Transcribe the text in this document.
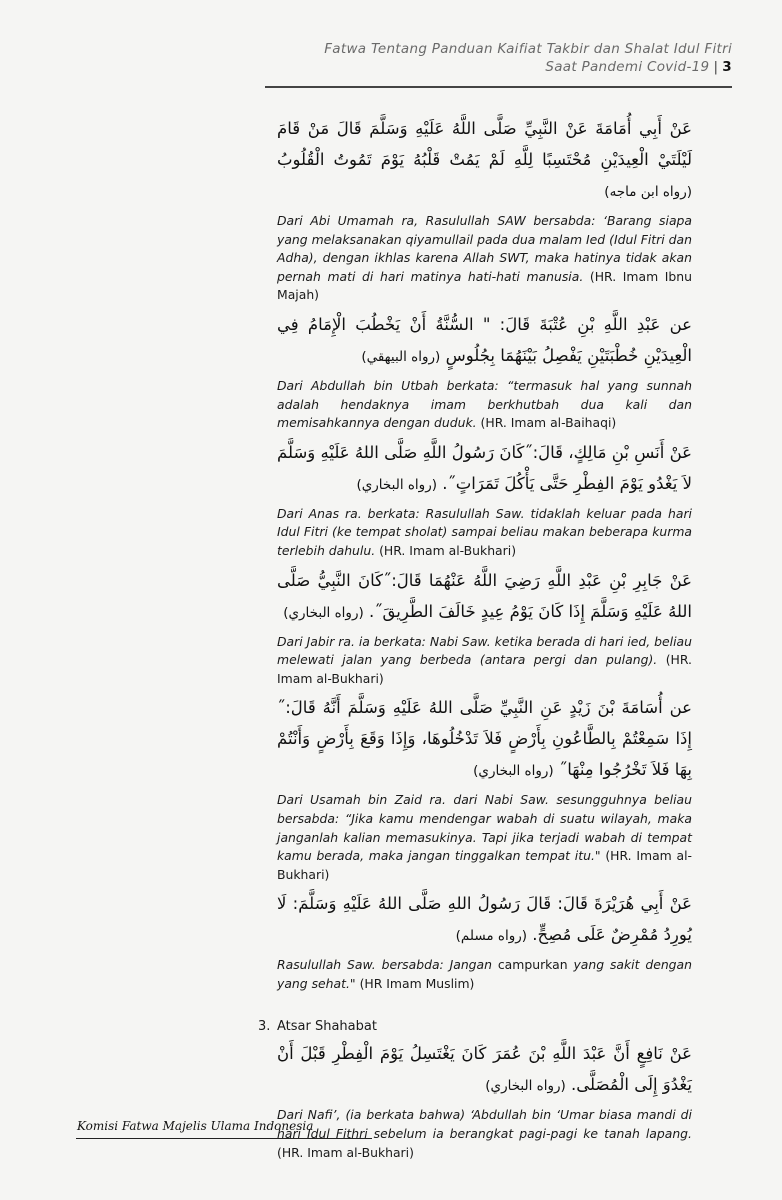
Fatwa Tentang Panduan Kaifiat Takbir dan Shalat Idul Fitri
Saat Pandemi Covid-19 | 3

عَنْ أَبِي أُمَامَةَ عَنْ النَّبِيِّ صَلَّى اللَّهُ عَلَيْهِ وَسَلَّمَ قَالَ مَنْ قَامَ لَيْلَتَيْ الْعِيدَيْنِ مُحْتَسِبًا لِلَّهِ لَمْ يَمُتْ قَلْبُهُ يَوْمَ تَمُوتُ الْقُلُوبُ (رواه ابن ماجه)

Dari Abi Umamah ra, Rasulullah SAW bersabda: ‘Barang siapa yang melaksanakan qiyamullail pada dua malam Ied (Idul Fitri dan Adha), dengan ikhlas karena Allah SWT, maka hatinya tidak akan pernah mati di hari matinya hati-hati manusia. (HR. Imam Ibnu Majah)

عن عَبْدِ اللَّهِ بْنِ عُتْبَةَ قَالَ: " السُّنَّةُ أَنْ يَخْطُبَ الْإِمَامُ فِي الْعِيدَيْنِ خُطْبَتَيْنِ يَفْصِلُ بَيْنَهُمَا بِجُلُوسٍ (رواه البيهقي)

Dari Abdullah bin Utbah berkata: “termasuk hal yang sunnah adalah hendaknya imam berkhutbah dua kali dan memisahkannya dengan duduk. (HR. Imam al-Baihaqi)

عَنْ أَنَسِ بْنِ مَالِكٍ، قَالَ:˝كَانَ رَسُولُ اللَّهِ صَلَّى اللهُ عَلَيْهِ وَسَلَّمَ لاَ يَغْدُو يَوْمَ الفِطْرِ حَتَّى يَأْكُلَ تَمَرَاتٍ˝. (رواه البخاري)

Dari Anas ra. berkata: Rasulullah Saw. tidaklah keluar pada hari Idul Fitri (ke tempat sholat) sampai beliau makan beberapa kurma terlebih dahulu. (HR. Imam al-Bukhari)

عَنْ جَابِرِ بْنِ عَبْدِ اللَّهِ رَضِيَ اللَّهُ عَنْهُمَا قَالَ:˝كَانَ النَّبِيُّ صَلَّى اللهُ عَلَيْهِ وَسَلَّمَ إِذَا كَانَ يَوْمُ عِيدٍ خَالَفَ الطَّرِيقَ˝. (رواه البخاري)

Dari Jabir ra. ia berkata: Nabi Saw. ketika berada di hari ied, beliau melewati jalan yang berbeda (antara pergi dan pulang). (HR. Imam al-Bukhari)

عن أُسَامَةَ بْنَ زَيْدٍ عَنِ النَّبِيِّ صَلَّى اللهُ عَلَيْهِ وَسَلَّمَ أَنَّهُ قَالَ:˝ إِذَا سَمِعْتُمْ بِالطَّاعُونِ بِأَرْضٍ فَلاَ تَدْخُلُوهَا، وَإِذَا وَقَعَ بِأَرْضٍ وَأَنْتُمْ بِهَا فَلاَ تَخْرُجُوا مِنْهَا˝ (رواه البخاري)

Dari Usamah bin Zaid ra. dari Nabi Saw. sesungguhnya beliau bersabda: “Jika kamu mendengar wabah di suatu wilayah, maka janganlah kalian memasukinya. Tapi jika terjadi wabah di tempat kamu berada, maka jangan tinggalkan tempat itu." (HR. Imam al-Bukhari)

عَنْ أَبِي هُرَيْرَةَ قَالَ: قَالَ رَسُولُ اللهِ صَلَّى اللهُ عَلَيْهِ وَسَلَّمَ: لَا يُورِدُ مُمْرِضٌ عَلَى مُصِحٍّ. (رواه مسلم)

Rasulullah Saw. bersabda: Jangan campurkan yang sakit dengan yang sehat." (HR Imam Muslim)

3. Atsar Shahabat

عَنْ نَافِعٍ أَنَّ عَبْدَ اللَّهِ بْنَ عُمَرَ كَانَ يَغْتَسِلُ يَوْمَ الْفِطْرِ قَبْلَ أَنْ يَغْدُوَ إِلَى الْمُصَلَّى. (رواه البخاري)

Dari Nafi’, (ia berkata bahwa) ‘Abdullah bin ‘Umar biasa mandi di hari Idul Fithri sebelum ia berangkat pagi-pagi ke tanah lapang. (HR. Imam al-Bukhari)

Komisi Fatwa Majelis Ulama Indonesia
